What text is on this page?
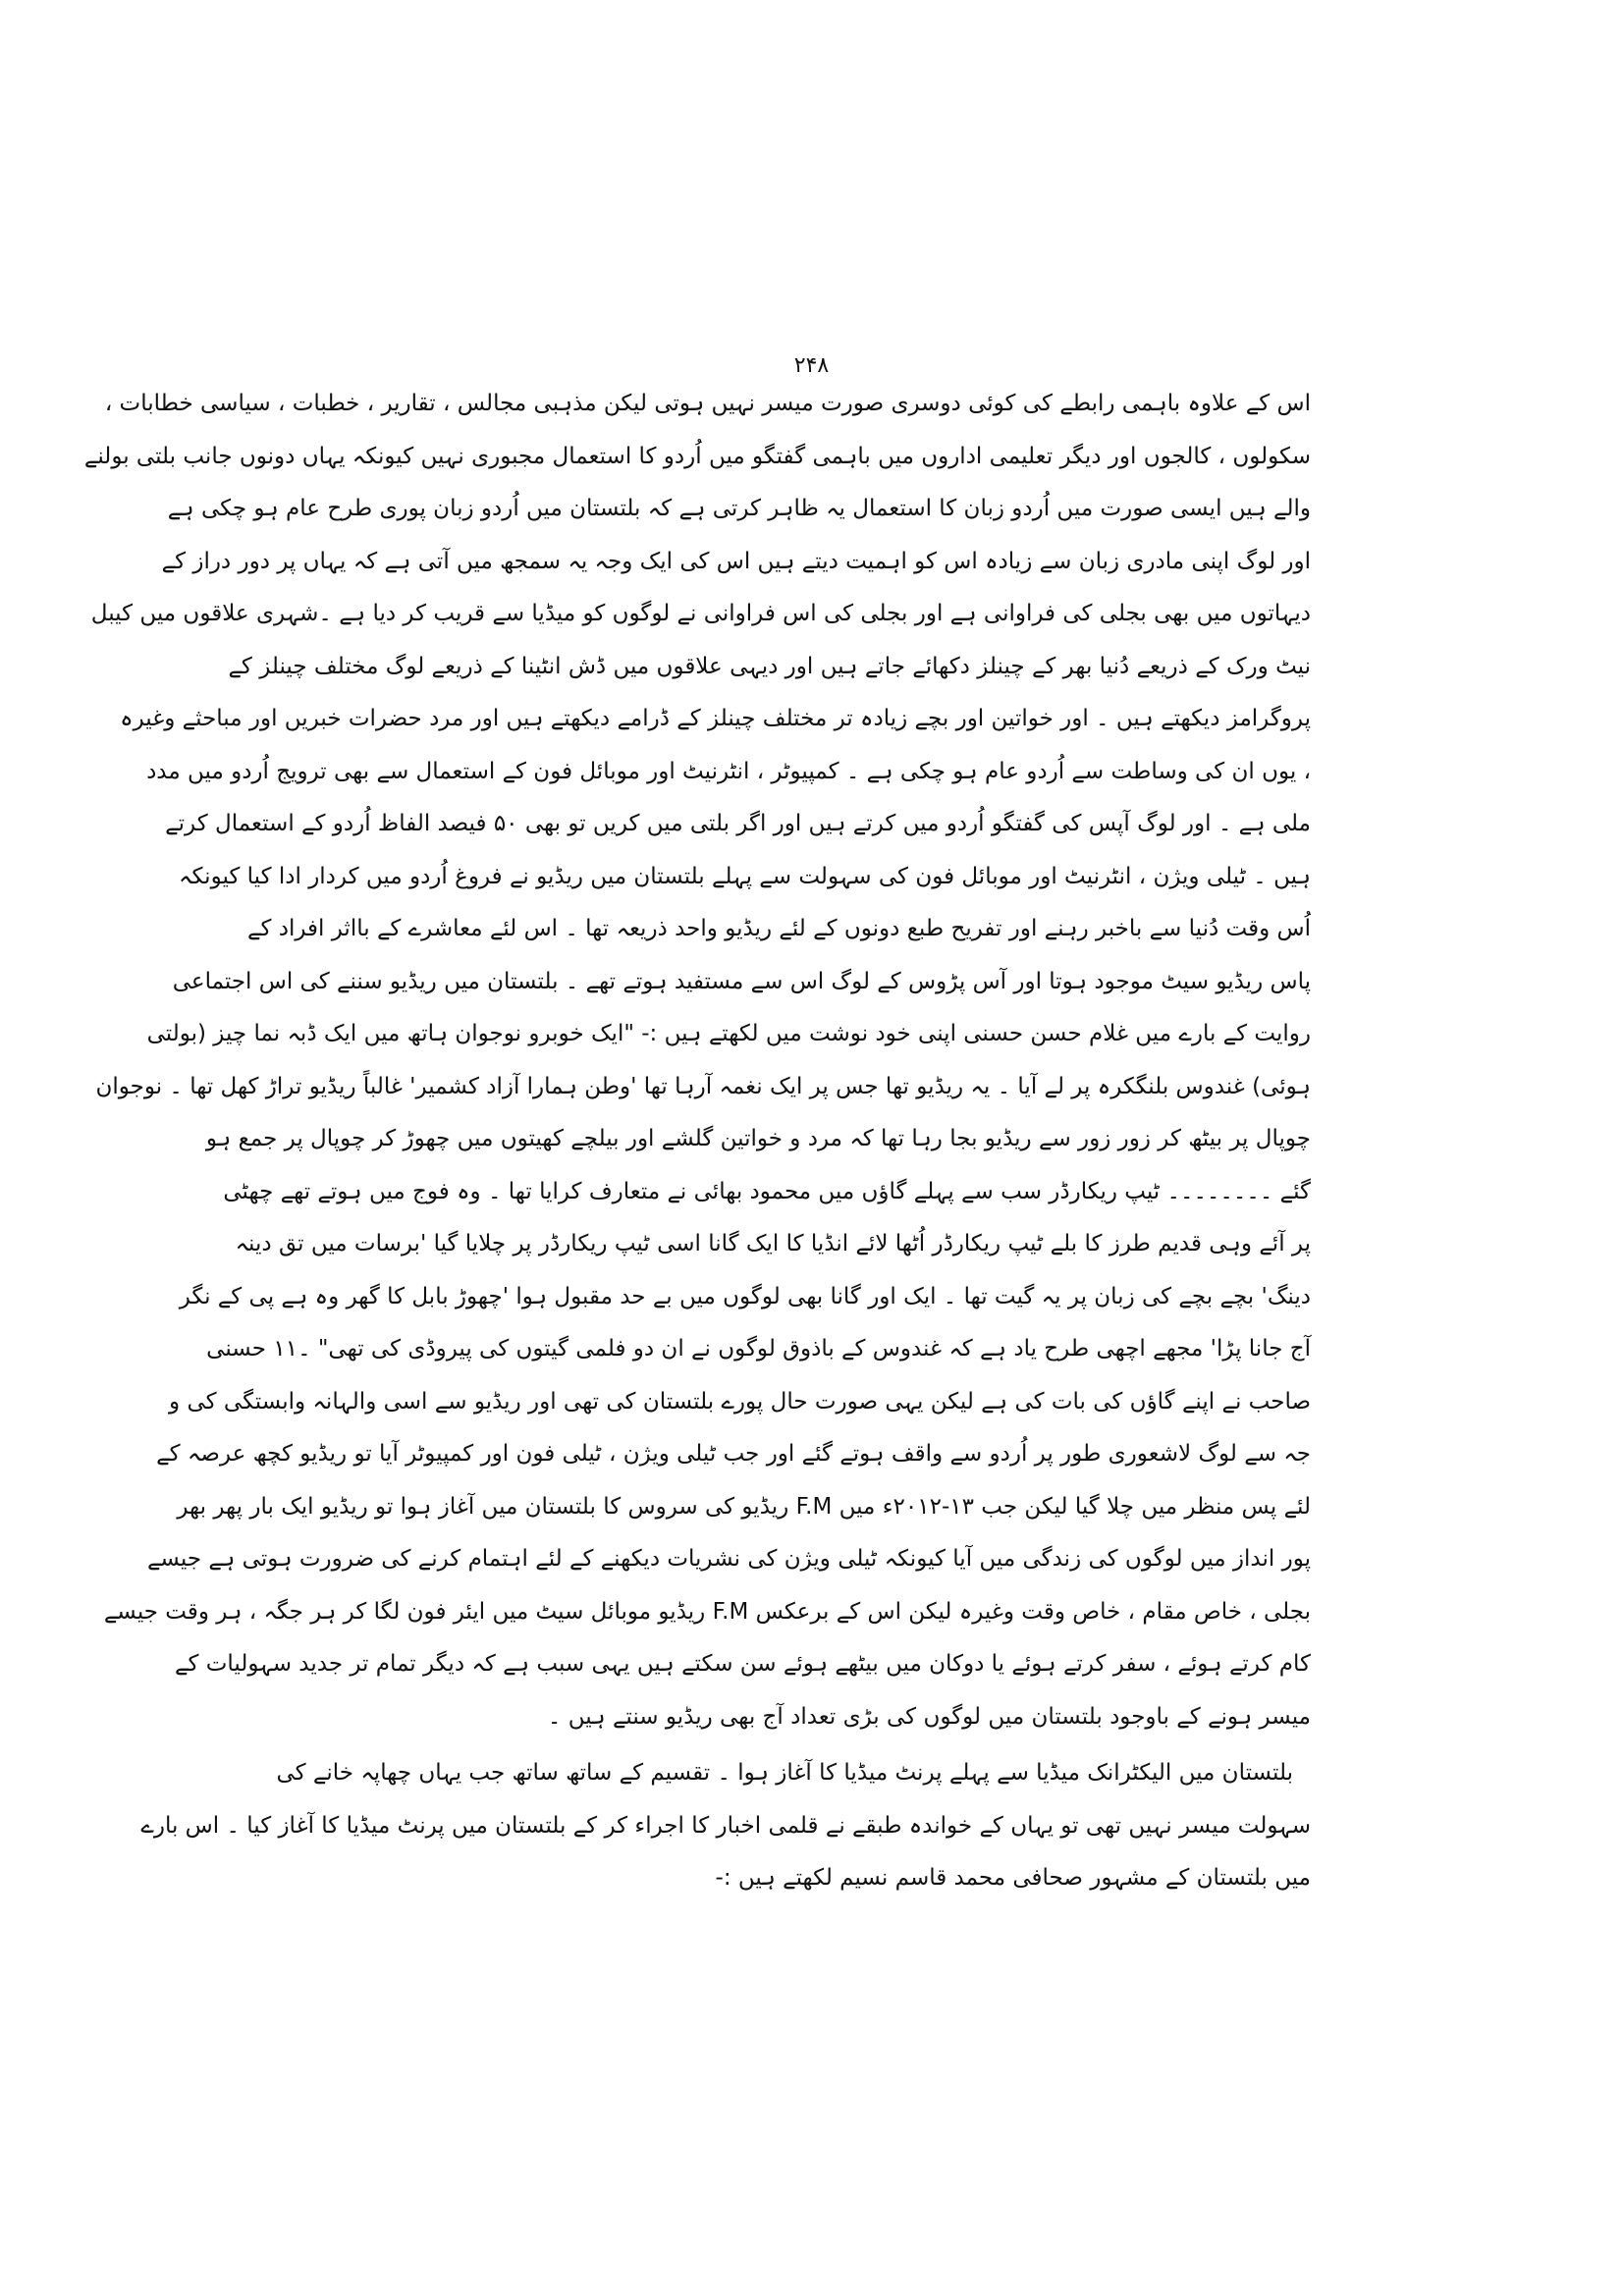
۲۴۸
اس کے علاوہ باہمی رابطے کی کوئی دوسری صورت میسر نہیں ہوتی لیکن مذہبی مجالس ، تقاریر ، خطبات ، سیاسی خطابات ،
سکولوں ، کالجوں اور دیگر تعلیمی اداروں میں باہمی گفتگو میں اُردو کا استعمال مجبوری نہیں کیونکہ یہاں دونوں جانب بلتی بولنے
والے ہیں ایسی صورت میں اُردو زبان کا استعمال یہ ظاہر کرتی ہے کہ بلتستان میں اُردو زبان پوری طرح عام ہو چکی ہے
اور لوگ اپنی مادری زبان سے زیادہ اس کو اہمیت دیتے ہیں اس کی ایک وجہ یہ سمجھ میں آتی ہے کہ یہاں پر دور دراز کے
دیہاتوں میں بھی بجلی کی فراوانی ہے اور بجلی کی اس فراوانی نے لوگوں کو میڈیا سے قریب کر دیا ہے ۔شہری علاقوں میں کیبل
نیٹ ورک کے ذریعے دُنیا بھر کے چینلز دکھائے جاتے ہیں اور دیہی علاقوں میں ڈش انٹینا کے ذریعے لوگ مختلف چینلز کے
پروگرامز دیکھتے ہیں ۔ اور خواتین اور بچے زیادہ تر مختلف چینلز کے ڈرامے دیکھتے ہیں اور مرد حضرات خبریں اور مباحثے وغیرہ
، یوں ان کی وساطت سے اُردو عام ہو چکی ہے ۔ کمپیوٹر ، انٹرنیٹ اور موبائل فون کے استعمال سے بھی ترویج اُردو میں مدد
ملی ہے ۔ اور لوگ آپس کی گفتگو اُردو میں کرتے ہیں اور اگر بلتی میں کریں تو بھی ۵۰ فیصد الفاظ اُردو کے استعمال کرتے
ہیں ۔ ٹیلی ویژن ، انٹرنیٹ اور موبائل فون کی سہولت سے پہلے بلتستان میں ریڈیو نے فروغ اُردو میں کردار ادا کیا کیونکہ
اُس وقت دُنیا سے باخبر رہنے اور تفریح طبع دونوں کے لئے ریڈیو واحد ذریعہ تھا ۔ اس لئے معاشرے کے بااثر افراد کے
پاس ریڈیو سیٹ موجود ہوتا اور آس پڑوس کے لوگ اس سے مستفید ہوتے تھے ۔ بلتستان میں ریڈیو سننے کی اس اجتماعی
روایت کے بارے میں غلام حسن حسنی اپنی خود نوشت میں لکھتے ہیں :- "ایک خوبرو نوجوان ہاتھ میں ایک ڈبہ نما چیز (بولتی
ہوئی) غندوس بلنگکرہ پر لے آیا ۔ یہ ریڈیو تھا جس پر ایک نغمہ آرہا تھا 'وطن ہمارا آزاد کشمیر' غالباً ریڈیو تراڑ کھل تھا ۔ نوجوان
چوپال پر بیٹھ کر زور زور سے ریڈیو بجا رہا تھا کہ مرد و خواتین گلشے اور بیلچے کھیتوں میں چھوڑ کر چوپال پر جمع ہو
گئے ۔۔۔۔۔۔۔۔ ٹیپ ریکارڈر سب سے پہلے گاؤں میں محمود بھائی نے متعارف کرایا تھا ۔ وہ فوج میں ہوتے تھے چھٹی
پر آئے وہی قدیم طرز کا بلے ٹیپ ریکارڈر اُٹھا لائے انڈیا کا ایک گانا اسی ٹیپ ریکارڈر پر چلایا گیا 'برسات میں تق دینہ
دینگ' بچے بچے کی زبان پر یہ گیت تھا ۔ ایک اور گانا بھی لوگوں میں بے حد مقبول ہوا 'چھوڑ بابل کا گھر وہ ہے پی کے نگر
آج جانا پڑا' مجھے اچھی طرح یاد ہے کہ غندوس کے باذوق لوگوں نے ان دو فلمی گیتوں کی پیروڈی کی تھی" ۔۱۱ حسنی
صاحب نے اپنے گاؤں کی بات کی ہے لیکن یہی صورت حال پورے بلتستان کی تھی اور ریڈیو سے اسی والہانہ وابستگی کی و
جہ سے لوگ لاشعوری طور پر اُردو سے واقف ہوتے گئے اور جب ٹیلی ویژن ، ٹیلی فون اور کمپیوٹر آیا تو ریڈیو کچھ عرصہ کے
لئے پس منظر میں چلا گیا لیکن جب ۱۳-۲۰۱۲ء میں F.M ریڈیو کی سروس کا بلتستان میں آغاز ہوا تو ریڈیو ایک بار پھر بھر
پور انداز میں لوگوں کی زندگی میں آیا کیونکہ ٹیلی ویژن کی نشریات دیکھنے کے لئے اہتمام کرنے کی ضرورت ہوتی ہے جیسے
بجلی ، خاص مقام ، خاص وقت وغیرہ لیکن اس کے برعکس F.M ریڈیو موبائل سیٹ میں ایئر فون لگا کر ہر جگہ ، ہر وقت جیسے
کام کرتے ہوئے ، سفر کرتے ہوئے یا دوکان میں بیٹھے ہوئے سن سکتے ہیں یہی سبب ہے کہ دیگر تمام تر جدید سہولیات کے
میسر ہونے کے باوجود بلتستان میں لوگوں کی بڑی تعداد آج بھی ریڈیو سنتے ہیں ۔
بلتستان میں الیکٹرانک میڈیا سے پہلے پرنٹ میڈیا کا آغاز ہوا ۔ تقسیم کے ساتھ ساتھ جب یہاں چھاپہ خانے کی
سہولت میسر نہیں تھی تو یہاں کے خواندہ طبقے نے قلمی اخبار کا اجراء کر کے بلتستان میں پرنٹ میڈیا کا آغاز کیا ۔ اس بارے
میں بلتستان کے مشہور صحافی محمد قاسم نسیم لکھتے ہیں :-
